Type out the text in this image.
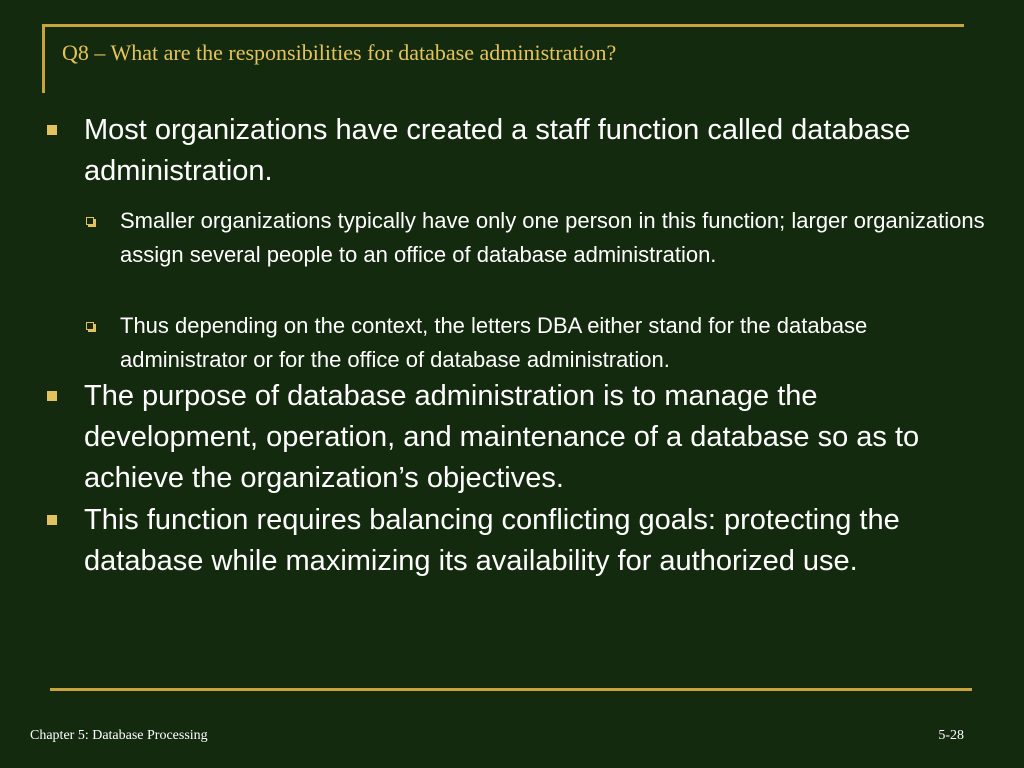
Q8 – What are the responsibilities for database administration?
Most organizations have created a staff function called database administration.
Smaller organizations typically have only one person in this function; larger organizations assign several people to an office of database administration.
Thus depending on the context, the letters DBA either stand for the database administrator or for the office of database administration.
The purpose of database administration is to manage the development, operation, and maintenance of a database so as to achieve the organization’s objectives.
This function requires balancing conflicting goals: protecting the database while maximizing its availability for authorized use.
Chapter 5: Database Processing	5-28
